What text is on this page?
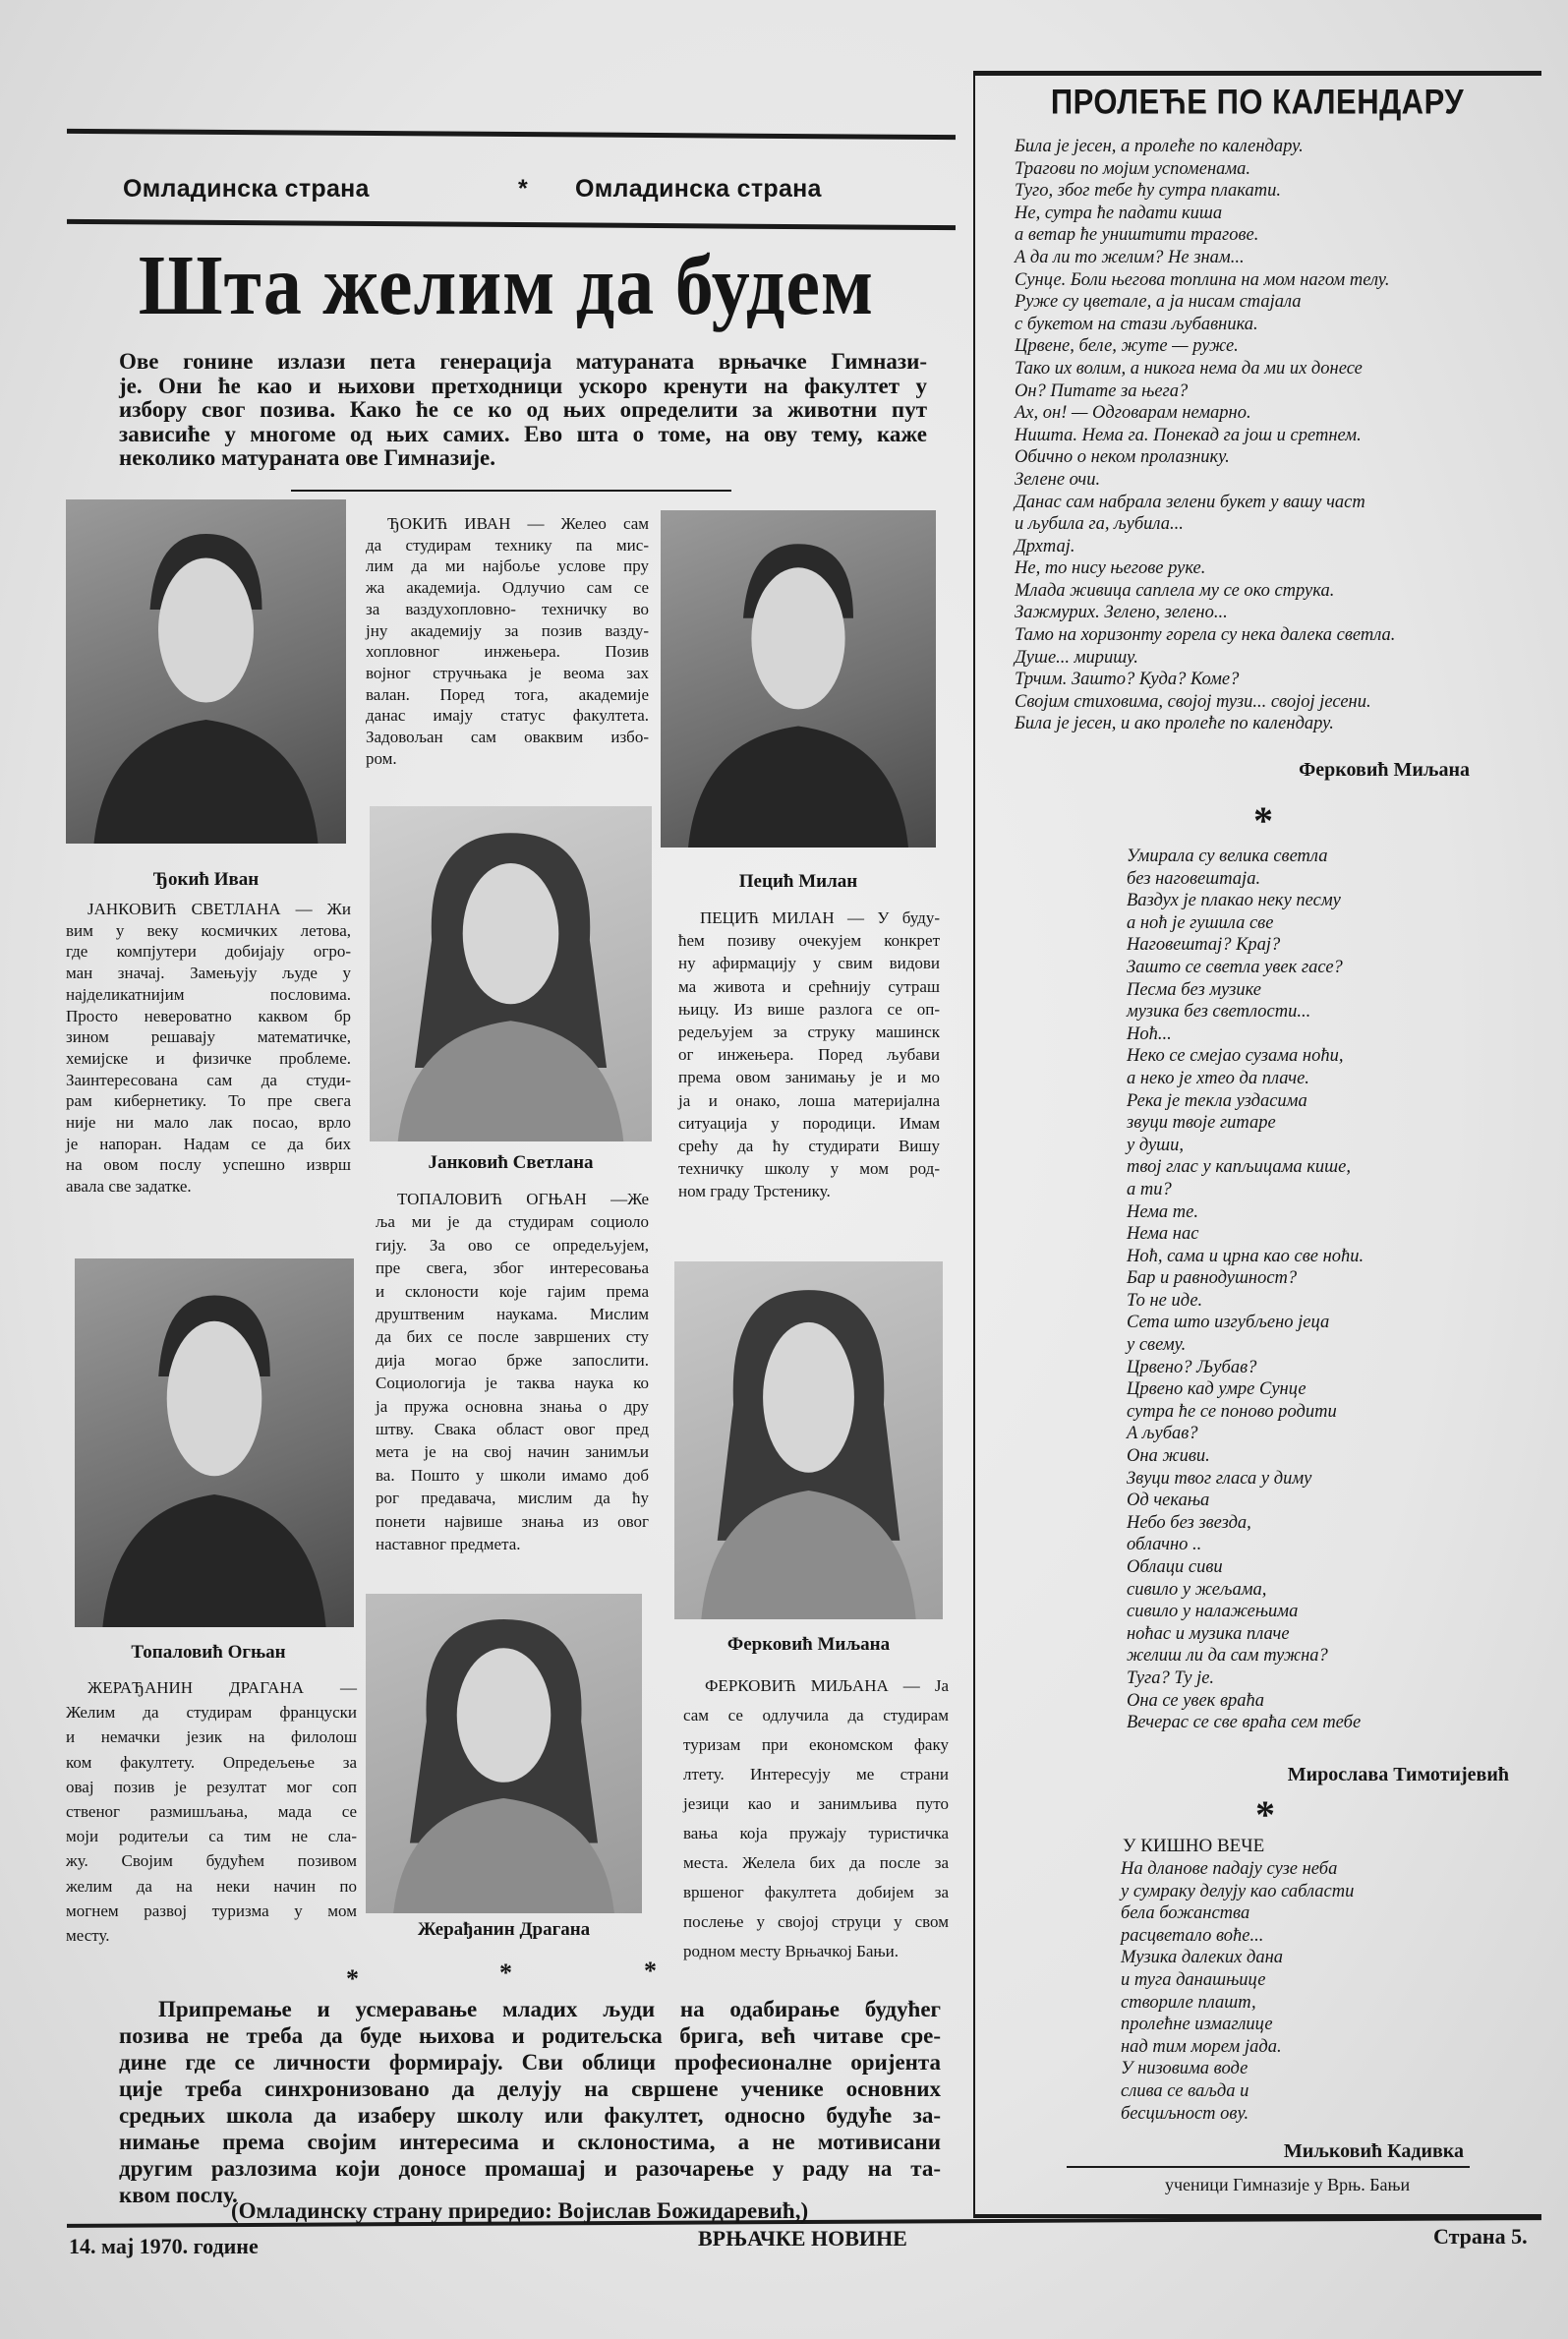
Омладинска страна	* Омладинска страна
Шта желим да будем
Ове гонине излази пета генерација матураната врњачке Гимнази-
је. Они ће као и њихови претходници ускоро кренути на факултет у
избору свог позива. Како ће се ко од њих определити за животни пут
зависиће у многоме од њих самих. Ево шта о томе, на ову тему, каже
неколико матураната ове Гимназије.
ЂОКИЋ ИВАН — Желео сам
да студирам технику па мис-
лим да ми најбоље услове пру
жа академија. Одлучио сам се
за ваздухопловно- техничку во
јну академију за позив ваздy-
хопловног инжењера. Позив
војног стручњака је веома зах
валан. Поред тога, академије
данас имају статус факултета.
Задовољан сам оваквим избо-
ром.
Ђокић Иван
ЈАНКОВИЋ СВЕТЛАНА — Жи
вим у веку космичких летова,
где компјутери добијају огро-
ман значај. Замењују људе у
најделикатнијим пословима.
Просто невероватно каквом бр
зином решавају математичке,
хемијске и физичке проблеме.
Заинтересована сам да студи-
рам кибернетику. То пре свега
није ни мало лак посао, врло
је напоран. Надам се да бих
на овом послу успешно изврш
авала све задатке.
Пецић Милан
ПЕЦИЋ МИЛАН — У буду-
ћем позиву очекујем конкрет
ну афирмацију у свим видови
ма живота и срећнију сутраш
њицу. Из више разлога се оп-
редељујем за струку машинск
ог инжењера. Поред љубави
према овом занимању је и мо
ја и онако, лоша материјална
ситуација у породици. Имам
срећу да ћу студирати Вишу
техничку школу у мом род-
ном граду Трстенику.
Јанковић Светлана
ТОПАЛОВИЋ ОГЊАН —Же
ља ми је да студирам социоло
гију. За ово се опредељујем,
пре свега, због интересовања
и склоности које гајим према
друштвеним наукама. Мислим
да бих се после завршених сту
дија могао брже запослити.
Социологија је таква наука ко
ја пружа основна знања о дру
штву. Свака област овог пред
мета је на свој начин занимљи
ва. Пошто у школи имамо доб
рог предавача, мислим да ћу
понети највише знања из овог
наставног предмета.
Топаловић Огњан
ЖЕРАЂАНИН ДРАГАНА —
Желим да студирам француски
и немачки језик на филолош
ком факултету. Опредељење за
овај позив је резултат мог соп
ственог размишљања, мада се
моји родитељи са тим не сла-
жу. Својим будућем позивом
желим да на неки начин по
могнем развој туризма у мом
месту.
Ферковић Миљана
ФЕРКОВИЋ МИЉАНА — Ја
сам се одлучила да студирам
туризам при економском факу
лтету. Интересују ме страни
језици као и занимљива путо
вања која пружају туристичка
места. Желела бих да после за
вршеног факултета добијем за
послење у својој струци у свом
родном месту Врњачкој Бањи.
Жерађанин Драгана
*	*	*
Припремање и усмеравање младих људи на одабирање будућег
позива не треба да буде њихова и родитељска брига, већ читаве сре-
дине где се личности формирају. Сви облици професионалне оријента
ције треба синхронизовано да делују на свршене ученике основних
средњих школа да изаберу школу или факултет, односно будуће за-
нимање према својим интересима и склоностима, а не мотивисани
другим разлозима који доносе промашај и разочарење у раду на та-
квом послу.
(Омладинску страну приредио: Војислав Божидаревић,)
ПРОЛЕЋЕ ПО КАЛЕНДАРУ
Била је јесен, а пролеће по календару.
Трагови по мојим успоменама.
Туго, због тебе ћу сутра плакати.
Не, сутра ће падати киша
а ветар ће уништити трагове.
А да ли то желим? Не знам...
Сунце. Боли његова топлина на мом нагом телу.
Руже су цветале, а ја нисам стајала
с букетом на стази љубавника.
Црвене, беле, жуте — руже.
Тако их волим, а никога нема да ми их донесе
Он? Питате за њега?
Ах, он! — Одговарам немарно.
Ништа. Нема га. Понекад га још и сретнем.
Обично о неком пролазнику.
Зелене очи.
Данас сам набрала зелени букет у вашу част
и љубила га, љубила...
Дрхтај.
Не, то нису његове руке.
Млада живица саплела му се око струка.
Зажмурих. Зелено, зелено...
Тамо на хоризонту горела су нека далека светла.
Душе... миришу.
Трчим. Зашто? Куда? Коме?
Својим стиховима, својој тузи... својој јесени.
Била је јесен, и ако пролеће по календару.
Ферковић Миљана
*
Умирала су велика светла
без наговештаја.
Ваздух је плакао неку песму
а ноћ је гушила све
Наговештај? Крај?
Зашто се светла увек гасе?
Песма без музике
музика без светлости...
Ноћ...
Неко се смејао сузама ноћи,
а неко је хтео да плаче.
Река је текла уздасима
звуци твоје гитаре
у души,
твој глас у капљицама кише,
а ти?
Нема те.
Нема нас
Ноћ, сама и црна као све ноћи.
Бар и равнодушност?
То не иде.
Сета што изгубљено јеца
у свему.
Црвено? Љубав?
Црвено кад умре Сунце
сутра ће се поново родити
А љубав?
Она живи.
Звуци твог гласа у диму
Од чекања
Небо без звезда,
облачно ..
Облаци сиви
сивило у жељама,
сивило у налажењима
ноћас и музика плаче
желиш ли да сам тужна?
Туга? Ту је.
Она се увек враћа
Вечерас се све враћа сем тебе
Мирослава Тимотијевић
*
У КИШНО ВЕЧЕ
На дланове падају сузе неба
у сумраку делују као сабласти
бела божанства
расцветало воће...
Музика далеких дана
и туга данашњице
створиле плашт,
пролећне измаглице
над тим морем јада.
У низовима воде
слива се ваљда и
бесциљност ову.
Миљковић Кадивка
ученици Гимназије у Врњ. Бањи
14. мај 1970. године	ВРЊАЧКЕ НОВИНЕ	Страна 5.
